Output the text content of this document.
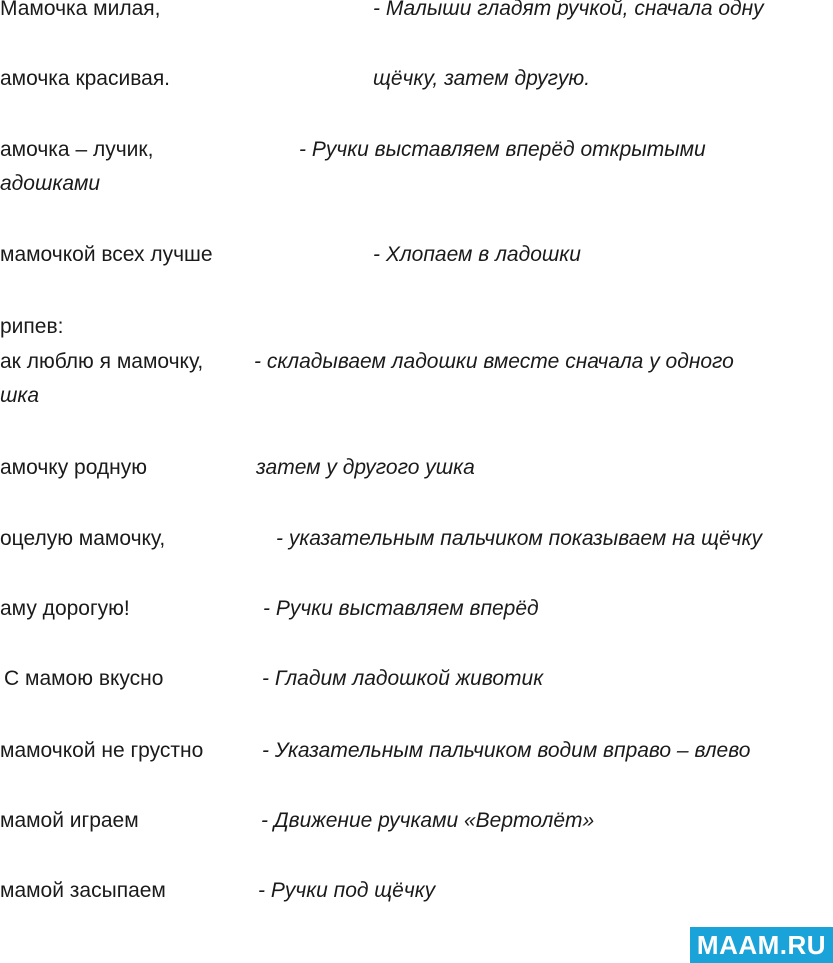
Мамочка милая,	- Малыши гладят ручкой, сначала одну

амочка красивая.	щёчку, затем другую.

амочка – лучик,	- Ручки выставляем вперёд открытыми

адошками

мамочкой всех лучше	- Хлопаем в ладошки

рипев:

ак люблю я мамочку, - складываем ладошки вместе сначала у одного

шка

амочку родную	затем у другого ушка

оцелую мамочку,	- указательным пальчиком показываем на щёчку

аму дорогую!	- Ручки выставляем вперёд

С мамою вкусно	- Гладим ладошкой животик

мамочкой не грустно	- Указательным пальчиком водим вправо – влево

мамой играем	- Движение ручками «Вертолёт»

мамой засыпаем	- Ручки под щёчку

MAAM.RU
